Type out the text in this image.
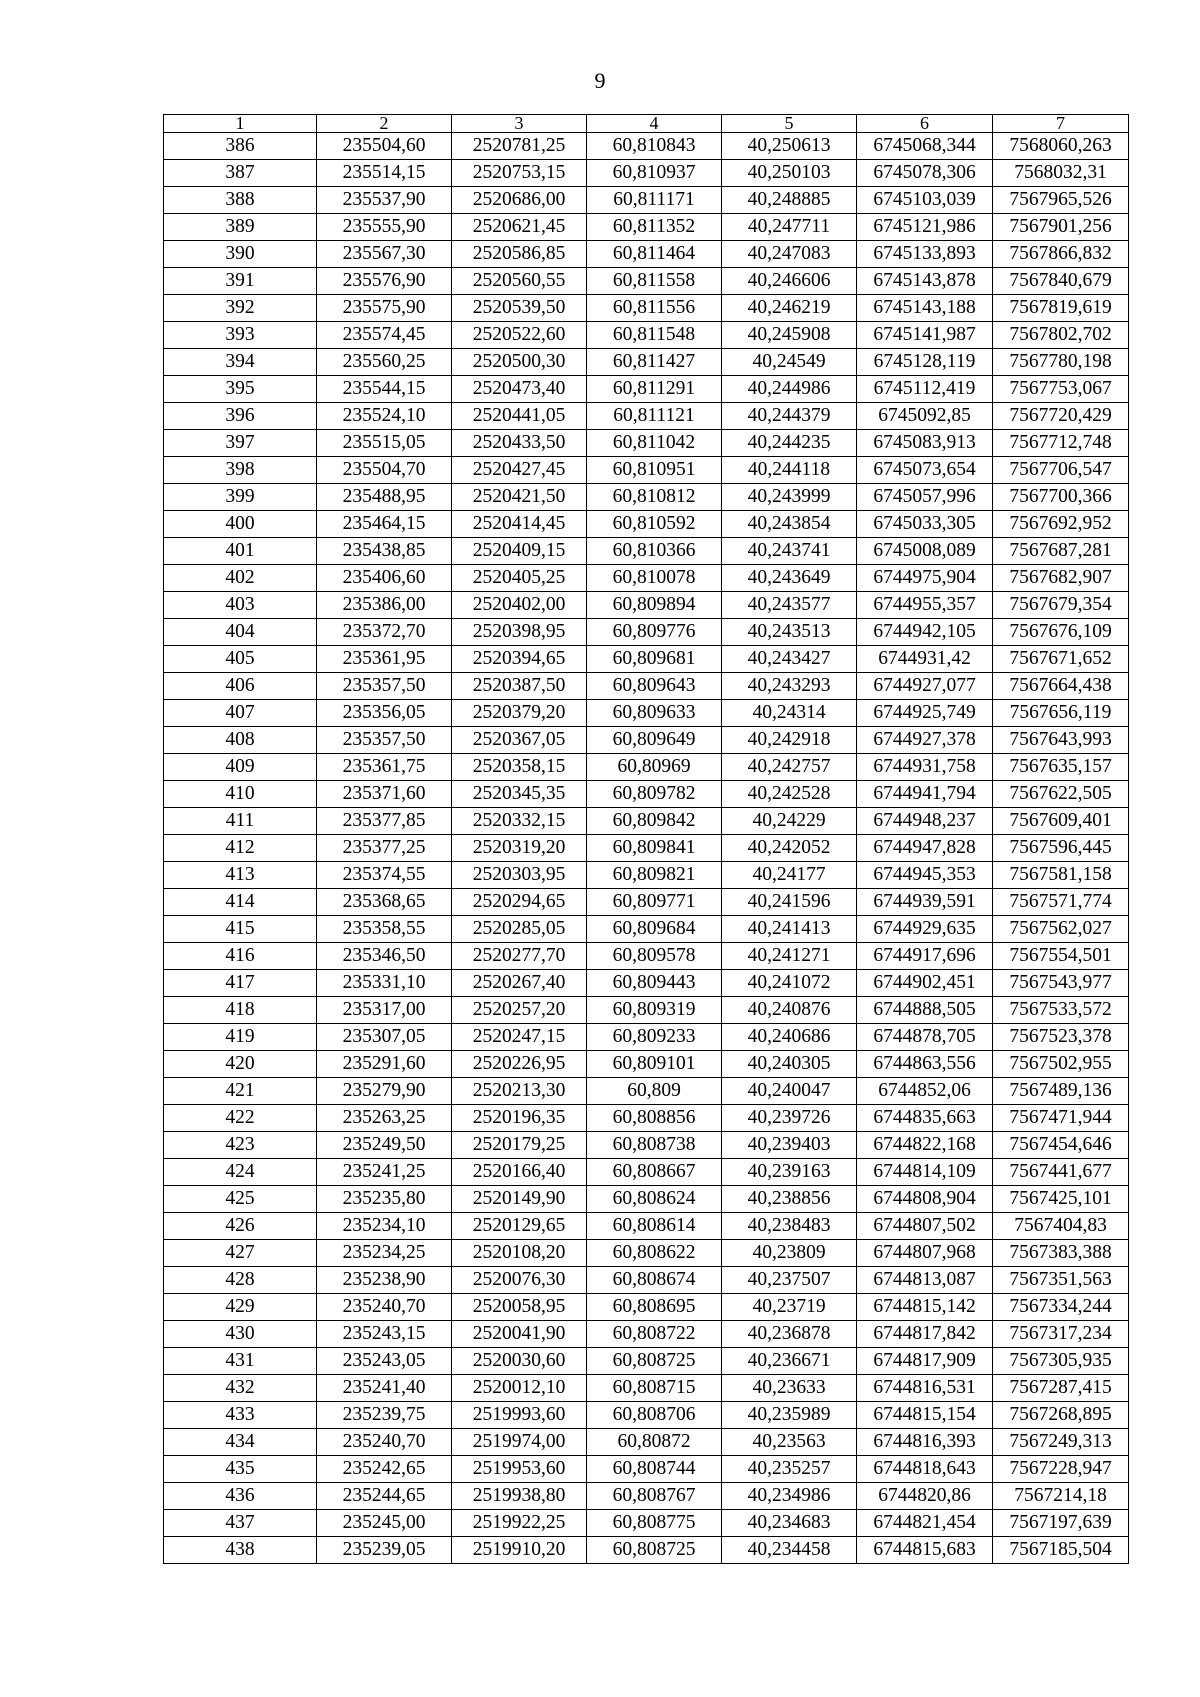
9
1	2	3	4	5	6	7
386	235504,60	2520781,25	60,810843	40,250613	6745068,344	7568060,263
387	235514,15	2520753,15	60,810937	40,250103	6745078,306	7568032,31
388	235537,90	2520686,00	60,811171	40,248885	6745103,039	7567965,526
389	235555,90	2520621,45	60,811352	40,247711	6745121,986	7567901,256
390	235567,30	2520586,85	60,811464	40,247083	6745133,893	7567866,832
391	235576,90	2520560,55	60,811558	40,246606	6745143,878	7567840,679
392	235575,90	2520539,50	60,811556	40,246219	6745143,188	7567819,619
393	235574,45	2520522,60	60,811548	40,245908	6745141,987	7567802,702
394	235560,25	2520500,30	60,811427	40,24549	6745128,119	7567780,198
395	235544,15	2520473,40	60,811291	40,244986	6745112,419	7567753,067
396	235524,10	2520441,05	60,811121	40,244379	6745092,85	7567720,429
397	235515,05	2520433,50	60,811042	40,244235	6745083,913	7567712,748
398	235504,70	2520427,45	60,810951	40,244118	6745073,654	7567706,547
399	235488,95	2520421,50	60,810812	40,243999	6745057,996	7567700,366
400	235464,15	2520414,45	60,810592	40,243854	6745033,305	7567692,952
401	235438,85	2520409,15	60,810366	40,243741	6745008,089	7567687,281
402	235406,60	2520405,25	60,810078	40,243649	6744975,904	7567682,907
403	235386,00	2520402,00	60,809894	40,243577	6744955,357	7567679,354
404	235372,70	2520398,95	60,809776	40,243513	6744942,105	7567676,109
405	235361,95	2520394,65	60,809681	40,243427	6744931,42	7567671,652
406	235357,50	2520387,50	60,809643	40,243293	6744927,077	7567664,438
407	235356,05	2520379,20	60,809633	40,24314	6744925,749	7567656,119
408	235357,50	2520367,05	60,809649	40,242918	6744927,378	7567643,993
409	235361,75	2520358,15	60,80969	40,242757	6744931,758	7567635,157
410	235371,60	2520345,35	60,809782	40,242528	6744941,794	7567622,505
411	235377,85	2520332,15	60,809842	40,24229	6744948,237	7567609,401
412	235377,25	2520319,20	60,809841	40,242052	6744947,828	7567596,445
413	235374,55	2520303,95	60,809821	40,24177	6744945,353	7567581,158
414	235368,65	2520294,65	60,809771	40,241596	6744939,591	7567571,774
415	235358,55	2520285,05	60,809684	40,241413	6744929,635	7567562,027
416	235346,50	2520277,70	60,809578	40,241271	6744917,696	7567554,501
417	235331,10	2520267,40	60,809443	40,241072	6744902,451	7567543,977
418	235317,00	2520257,20	60,809319	40,240876	6744888,505	7567533,572
419	235307,05	2520247,15	60,809233	40,240686	6744878,705	7567523,378
420	235291,60	2520226,95	60,809101	40,240305	6744863,556	7567502,955
421	235279,90	2520213,30	60,809	40,240047	6744852,06	7567489,136
422	235263,25	2520196,35	60,808856	40,239726	6744835,663	7567471,944
423	235249,50	2520179,25	60,808738	40,239403	6744822,168	7567454,646
424	235241,25	2520166,40	60,808667	40,239163	6744814,109	7567441,677
425	235235,80	2520149,90	60,808624	40,238856	6744808,904	7567425,101
426	235234,10	2520129,65	60,808614	40,238483	6744807,502	7567404,83
427	235234,25	2520108,20	60,808622	40,23809	6744807,968	7567383,388
428	235238,90	2520076,30	60,808674	40,237507	6744813,087	7567351,563
429	235240,70	2520058,95	60,808695	40,23719	6744815,142	7567334,244
430	235243,15	2520041,90	60,808722	40,236878	6744817,842	7567317,234
431	235243,05	2520030,60	60,808725	40,236671	6744817,909	7567305,935
432	235241,40	2520012,10	60,808715	40,23633	6744816,531	7567287,415
433	235239,75	2519993,60	60,808706	40,235989	6744815,154	7567268,895
434	235240,70	2519974,00	60,80872	40,23563	6744816,393	7567249,313
435	235242,65	2519953,60	60,808744	40,235257	6744818,643	7567228,947
436	235244,65	2519938,80	60,808767	40,234986	6744820,86	7567214,18
437	235245,00	2519922,25	60,808775	40,234683	6744821,454	7567197,639
438	235239,05	2519910,20	60,808725	40,234458	6744815,683	7567185,504
